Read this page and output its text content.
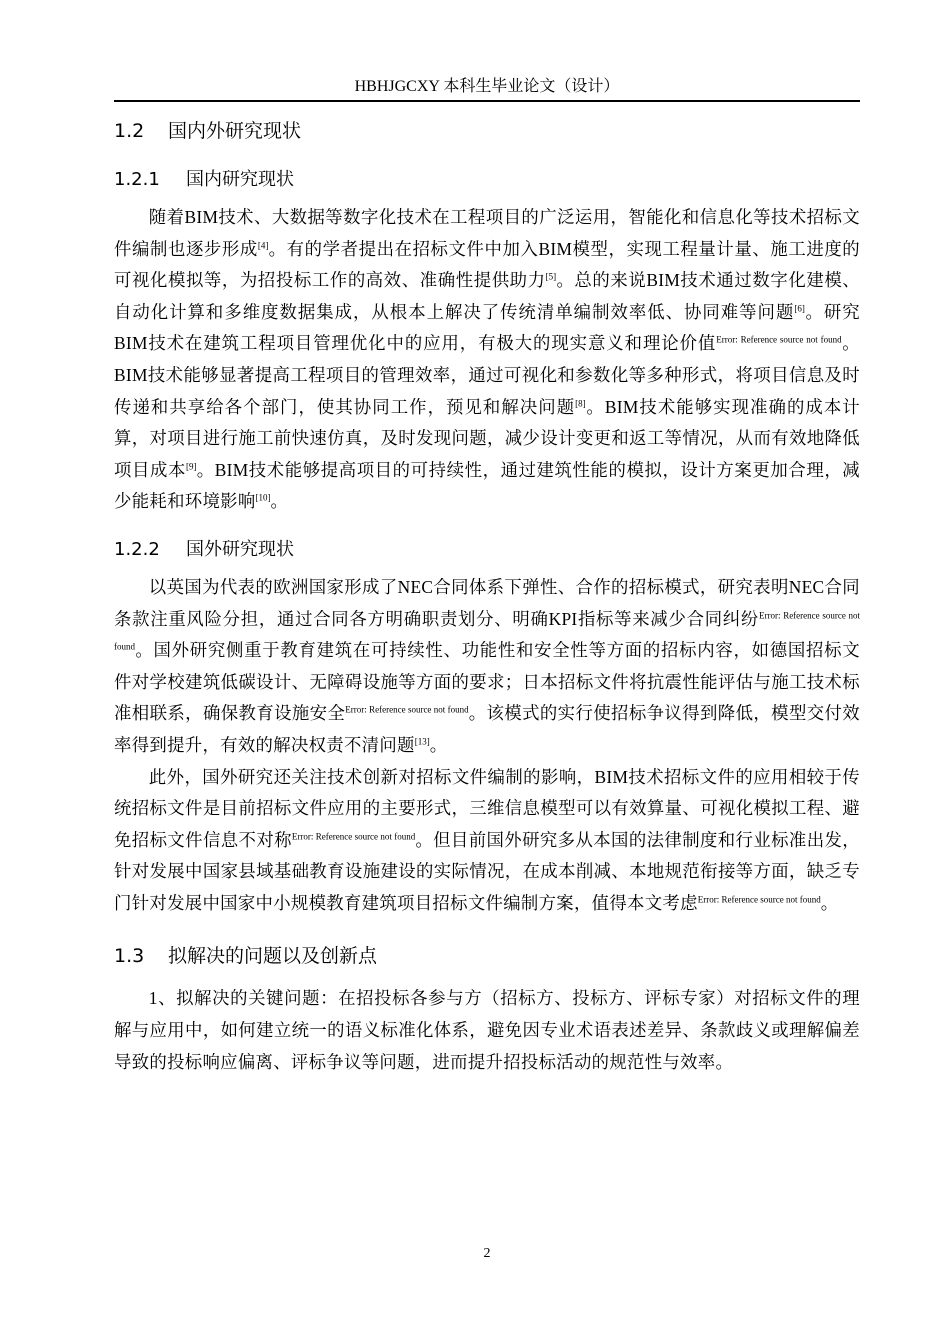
HBHJGCXY 本科生毕业论文（设计）
1.2 国内外研究现状
1.2.1 国内研究现状

随着BIM技术、大数据等数字化技术在工程项目的广泛运用，智能化和信息化等技术招标文件编制也逐步形成[4]。有的学者提出在招标文件中加入BIM模型，实现工程量计量、施工进度的可视化模拟等，为招投标工作的高效、准确性提供助力[5]。总的来说BIM技术通过数字化建模、自动化计算和多维度数据集成，从根本上解决了传统清单编制效率低、协同难等问题[6]。研究BIM技术在建筑工程项目管理优化中的应用，有极大的现实意义和理论价值$^{Error: Reference source not found}$。BIM技术能够显著提高工程项目的管理效率，通过可视化和参数化等多种形式，将项目信息及时传递和共享给各个部门，使其协同工作，预见和解决问题[8]。BIM技术能够实现准确的成本计算，对项目进行施工前快速仿真，及时发现问题，减少设计变更和返工等情况，从而有效地降低项目成本[9]。BIM技术能够提高项目的可持续性，通过建筑性能的模拟，设计方案更加合理，减少能耗和环境影响[10]。

1.2.2 国外研究现状

以英国为代表的欧洲国家形成了NEC合同体系下弹性、合作的招标模式，研究表明NEC合同条款注重风险分担，通过合同各方明确职责划分、明确KPI指标等来减少合同纠纷$^{Error: Reference source not found}$。国外研究侧重于教育建筑在可持续性、功能性和安全性等方面的招标内容，如德国招标文件对学校建筑低碳设计、无障碍设施等方面的要求；日本招标文件将抗震性能评估与施工技术标准相联系，确保教育设施安全$^{Error: Reference source not found}$。该模式的实行使招标争议得到降低，模型交付效率得到提升，有效的解决权责不清问题[13]。

此外，国外研究还关注技术创新对招标文件编制的影响，BIM技术招标文件的应用相较于传统招标文件是目前招标文件应用的主要形式，三维信息模型可以有效算量、可视化模拟工程、避免招标文件信息不对称$^{Error: Reference source not found}$。但目前国外研究多从本国的法律制度和行业标准出发，针对发展中国家县域基础教育设施建设的实际情况，在成本削减、本地规范衔接等方面，缺乏专门针对发展中国家中小规模教育建筑项目招标文件编制方案，值得本文考虑$^{Error: Reference source not found}$。

1.3 拟解决的问题以及创新点

1、拟解决的关键问题：在招投标各参与方（招标方、投标方、评标专家）对招标文件的理解与应用中，如何建立统一的语义标准化体系，避免因专业术语表述差异、条款歧义或理解偏差导致的投标响应偏离、评标争议等问题，进而提升招投标活动的规范性与效率。

2
